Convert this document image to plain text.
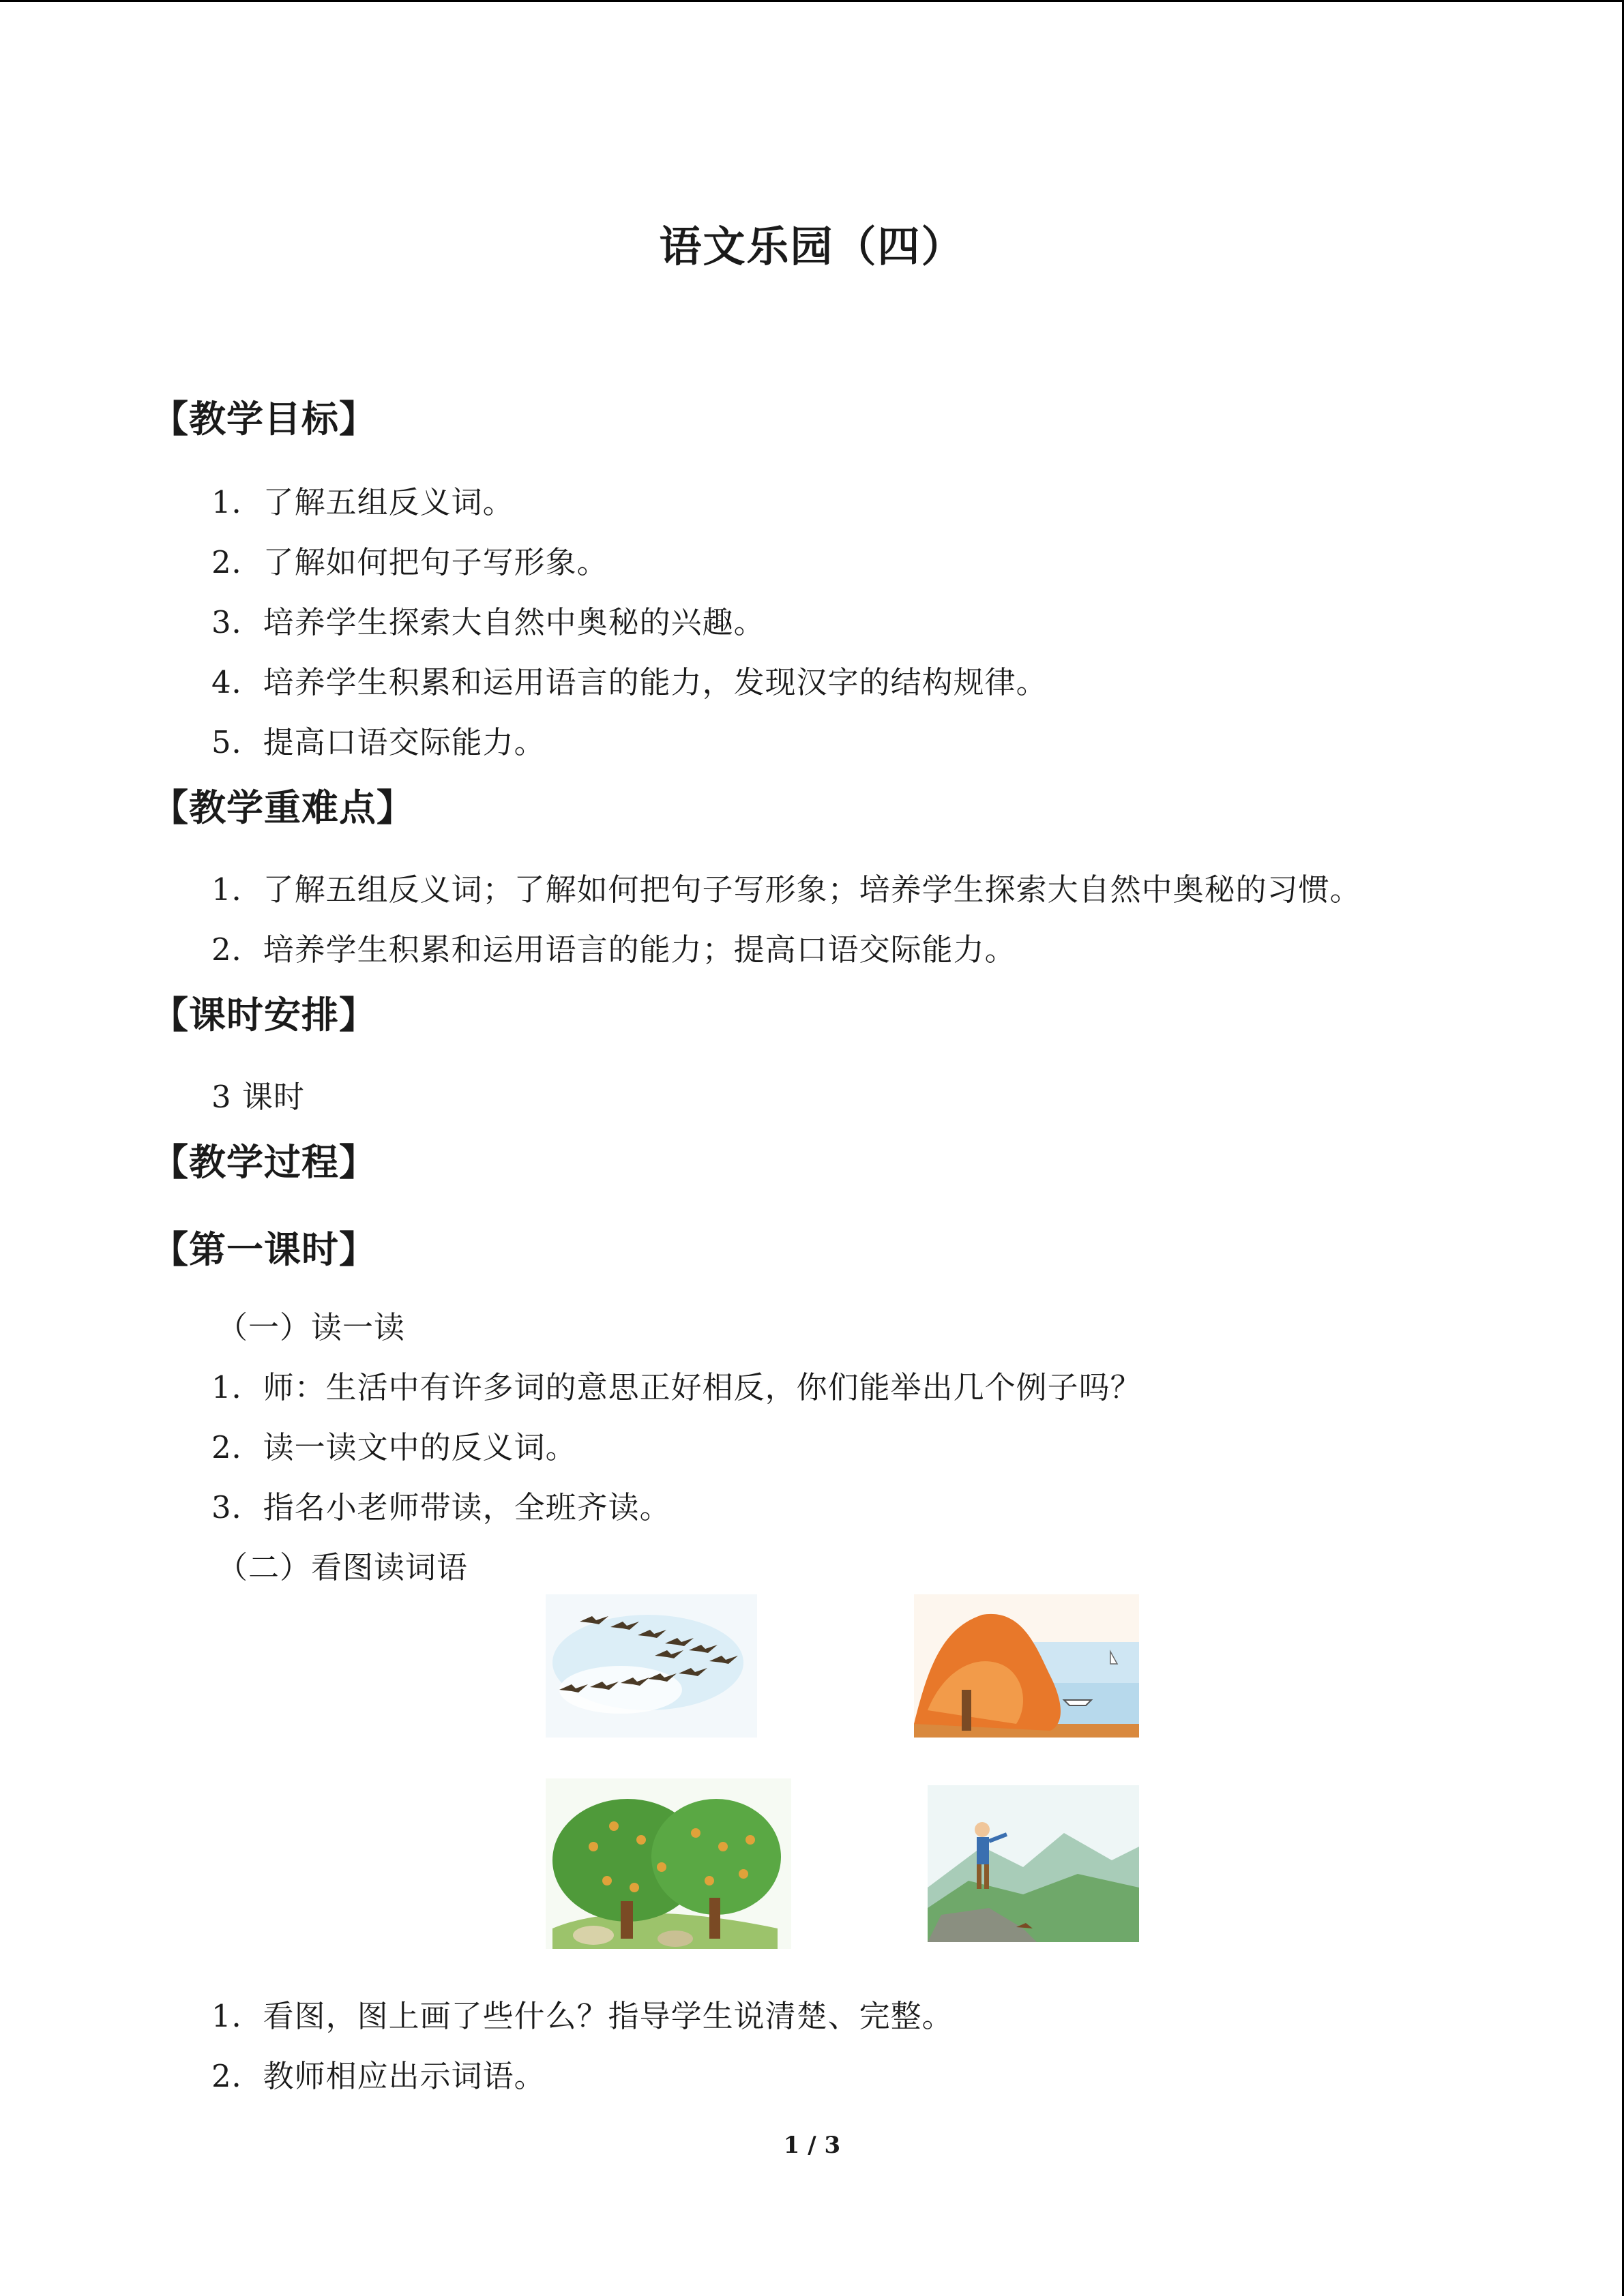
语文乐园（四）
【教学目标】
1．了解五组反义词。
2．了解如何把句子写形象。
3．培养学生探索大自然中奥秘的兴趣。
4．培养学生积累和运用语言的能力，发现汉字的结构规律。
5．提高口语交际能力。
【教学重难点】
1．了解五组反义词；了解如何把句子写形象；培养学生探索大自然中奥秘的习惯。
2．培养学生积累和运用语言的能力；提高口语交际能力。
【课时安排】
3 课时
【教学过程】
【第一课时】
（一）读一读
1．师：生活中有许多词的意思正好相反，你们能举出几个例子吗？
2．读一读文中的反义词。
3．指名小老师带读，全班齐读。
（二）看图读词语
1．看图，图上画了些什么？指导学生说清楚、完整。
2．教师相应出示词语。
1 / 3
